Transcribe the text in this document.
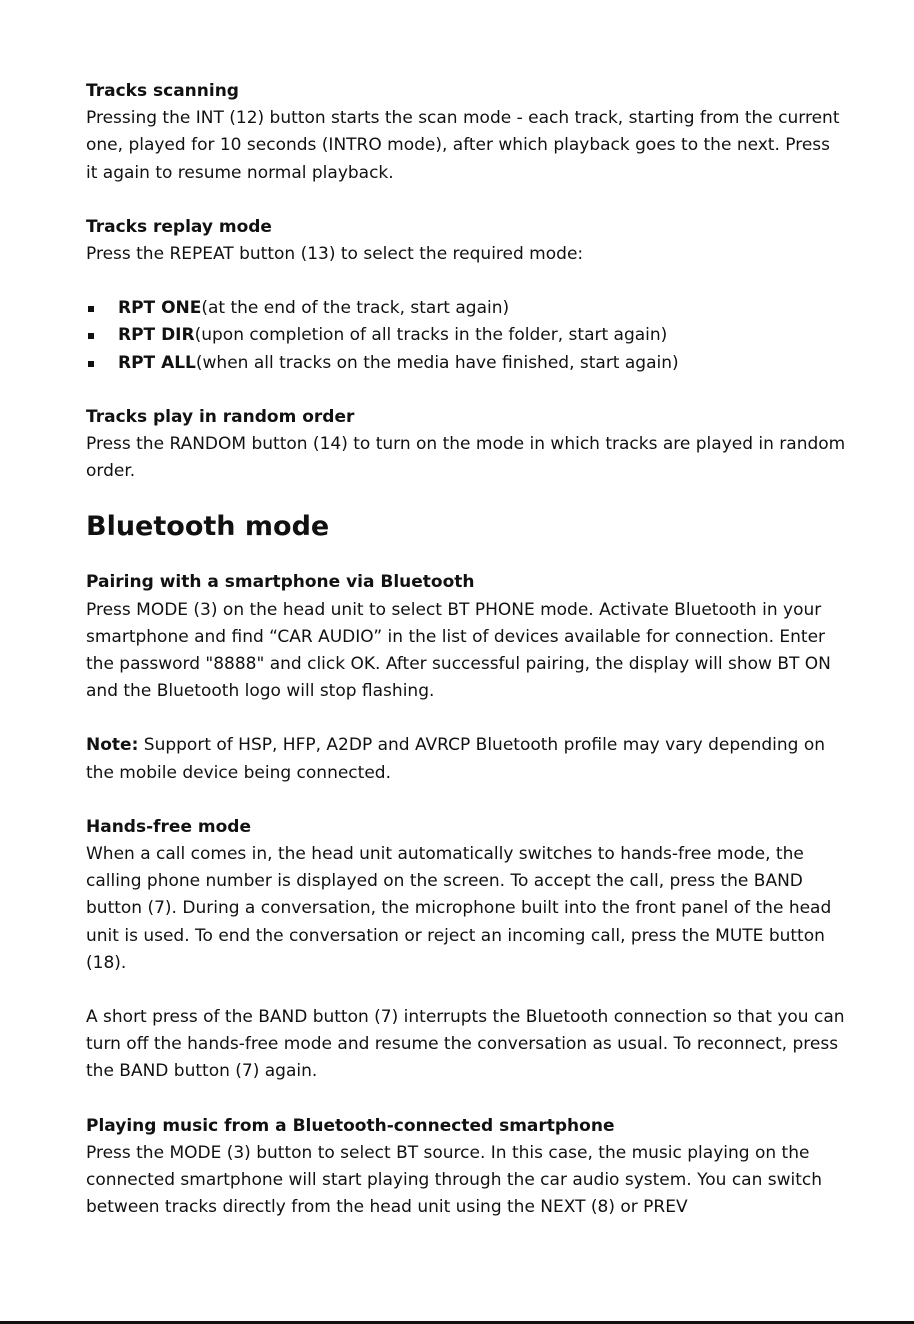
Tracks scanning

Pressing the INT (12) button starts the scan mode - each track, starting from the current one, played for 10 seconds (INTRO mode), after which playback goes to the next. Press it again to resume normal playback.

Tracks replay mode

Press the REPEAT button (13) to select the required mode:

RPT ONE(at the end of the track, start again)
RPT DIR(upon completion of all tracks in the folder, start again)
RPT ALL(when all tracks on the media have finished, start again)
Tracks play in random order

Press the RANDOM button (14) to turn on the mode in which tracks are played in random order.

Bluetooth mode
Pairing with a smartphone via Bluetooth

Press MODE (3) on the head unit to select BT PHONE mode. Activate Bluetooth in your smartphone and find “CAR AUDIO” in the list of devices available for connection. Enter the password "8888" and click OK. After successful pairing, the display will show BT ON and the Bluetooth logo will stop flashing.

Note: Support of HSP, HFP, A2DP and AVRCP Bluetooth profile may vary depending on the mobile device being connected.

Hands-free mode

When a call comes in, the head unit automatically switches to hands-free mode, the calling phone number is displayed on the screen. To accept the call, press the BAND button (7). During a conversation, the microphone built into the front panel of the head unit is used. To end the conversation or reject an incoming call, press the MUTE button (18).

A short press of the BAND button (7) interrupts the Bluetooth connection so that you can turn off the hands-free mode and resume the conversation as usual. To reconnect, press the BAND button (7) again.

Playing music from a Bluetooth-connected smartphone

Press the MODE (3) button to select BT source. In this case, the music playing on the connected smartphone will start playing through the car audio system. You can switch between tracks directly from the head unit using the NEXT (8) or PREV
